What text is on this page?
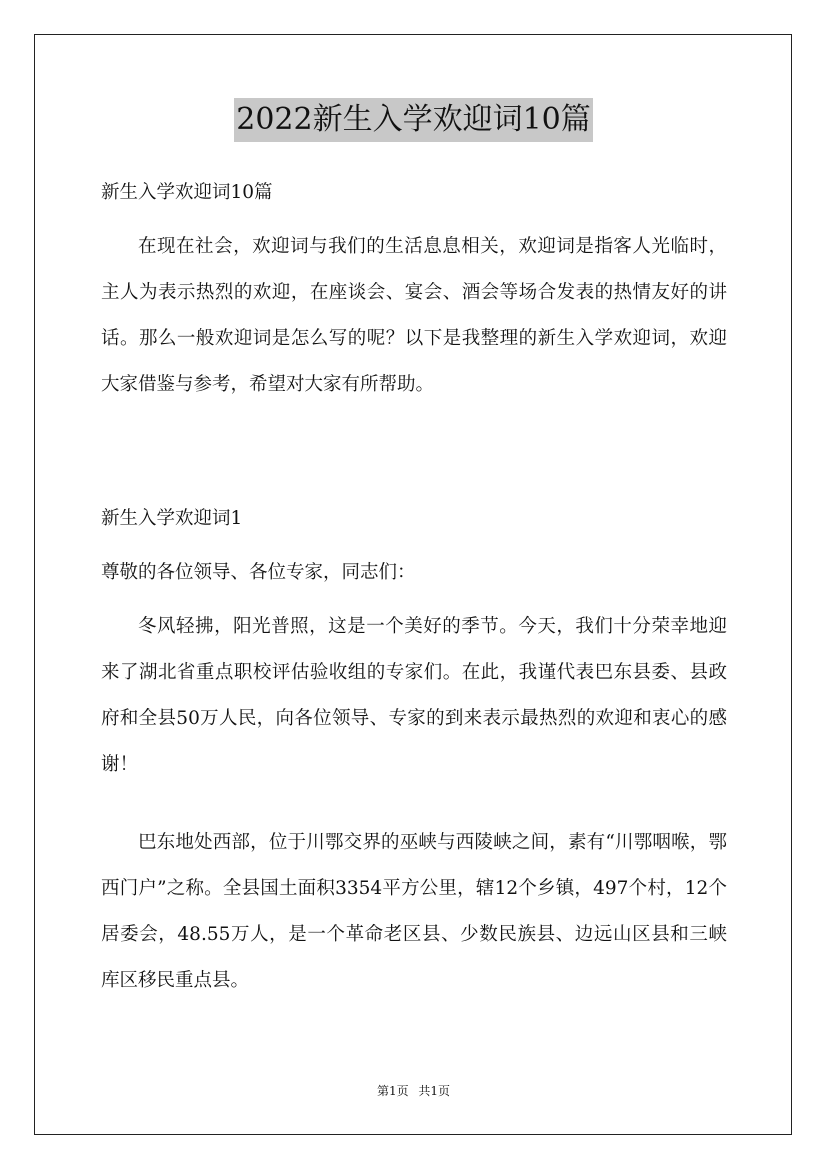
2022新生入学欢迎词10篇

新生入学欢迎词10篇

在现在社会，欢迎词与我们的生活息息相关，欢迎词是指客人光临时，主人为表示热烈的欢迎，在座谈会、宴会、酒会等场合发表的热情友好的讲话。那么一般欢迎词是怎么写的呢？以下是我整理的新生入学欢迎词，欢迎大家借鉴与参考，希望对大家有所帮助。

新生入学欢迎词1

尊敬的各位领导、各位专家，同志们：

冬风轻拂，阳光普照，这是一个美好的季节。今天，我们十分荣幸地迎来了湖北省重点职校评估验收组的专家们。在此，我谨代表巴东县委、县政府和全县50万人民，向各位领导、专家的到来表示最热烈的欢迎和衷心的感谢！

巴东地处西部，位于川鄂交界的巫峡与西陵峡之间，素有“川鄂咽喉，鄂西门户”之称。全县国土面积3354平方公里，辖12个乡镇，497个村，12个居委会，48.55万人，是一个革命老区县、少数民族县、边远山区县和三峡库区移民重点县。

第1页 共1页
